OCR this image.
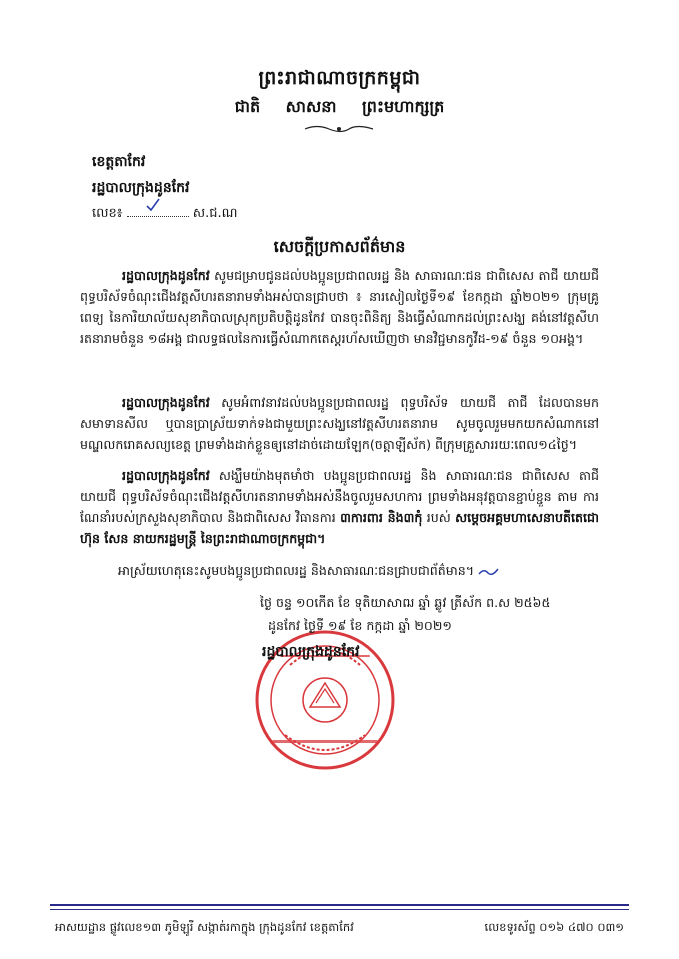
ព្រះរាជាណាចក្រកម្ពុជា
ជាតិ សាសនា ព្រះមហាក្សត្រ
ខេត្តតាកែវ
រដ្ឋបាលក្រុងដូនកែវ
លេខ៖	ស.ជ.ណ
សេចក្តីប្រកាសព័ត៌មាន
រដ្ឋបាលក្រុងដូនកែវ សូមជម្រាបជូនដល់បងប្អូនប្រជាពលរដ្ឋ និង សាធារណៈជន ជាពិសេស តាជី យាយជី ពុទ្ធបរិស័ទចំណុះជើងវត្តសីហរតនារាមទាំងអស់បានជ្រាបថា ៖ នារសៀលថ្ងៃទី១៩ ខែកក្កដា ឆ្នាំ២០២១ ក្រុមគ្រូពេទ្យ នៃការិយាល័យសុខាភិបាលស្រុកប្រតិបត្តិដូនកែវ បានចុះពិនិត្យ និងធ្វើសំណាកដល់ព្រះសង្ឃ គង់នៅវត្តសីហរតនារាមចំនួន ១៨អង្គ ជាលទ្ធផលនៃការធ្វើសំណាកតេស្តរហ័សឃើញថា មានវិជ្ជមានកូវីដ-១៩ ចំនួន ១០អង្គ។
រដ្ឋបាលក្រុងដូនកែវ សូមអំពាវនាវដល់បងប្អូនប្រជាពលរដ្ឋ ពុទ្ធបរិស័ទ យាយជី តាជី ដែលបានមក សមាទានសីល ឬបានប្រាស្រ័យទាក់ទងជាមួយព្រះសង្ឃនៅវត្តសីហរតនារាម សូមចូលរួមមកយកសំណាកនៅ មណ្ឌលករោគសល្យខេត្ត ព្រមទាំងដាក់ខ្លួនឲ្យនៅដាច់ដោយឡែក(ចត្តាឡីស័ក) ពីក្រុមគ្រួសាររយៈពេល១៤ថ្ងៃ។
រដ្ឋបាលក្រុងដូនកែវ សង្ឃឹមយ៉ាងមុតមាំថា បងប្អូនប្រជាពលរដ្ឋ និង សាធារណៈជន ជាពិសេស តាជី យាយជី ពុទ្ធបរិស័ទចំណុះជើងវត្តសីហរតនារាមទាំងអស់នឹងចូលរួមសហការ ព្រមទាំងអនុវត្តបានខ្ជាប់ខ្ជួន តាម ការណែនាំរបស់ក្រសួងសុខាភិបាល និងជាពិសេស វិធានការ ៣ការពារ និង៣កុំ របស់ សម្តេចអគ្គមហាសេនាបតីតេជោ ហ៊ុន សែន នាយករដ្ឋមន្ត្រី នៃព្រះរាជាណាចក្រកម្ពុជា។
អាស្រ័យហេតុនេះសូមបងប្អូនប្រជាពលរដ្ឋ និងសាធារណៈជនជ្រាបជាព័ត៌មាន។
ថ្ងៃ ចន្ទ ១០កើត ខែ ទុតិយាសាឍ ឆ្នាំ ឆ្លូវ ត្រីស័ក ព.ស ២៥៦៥
ដូនកែវ ថ្ងៃទី ១៩ ខែ កក្កដា ឆ្នាំ ២០២១
រដ្ឋបាលក្រុងដូនកែវ
អាសយដ្ឋាន ផ្លូវលេខ១៣ ភូមិឡូរី សង្កាត់រកាក្នុង ក្រុងដូនកែវ ខេត្តតាកែវ	លេខទូរស័ព្ទ ០១៦ ៤៧០ ០៣១
